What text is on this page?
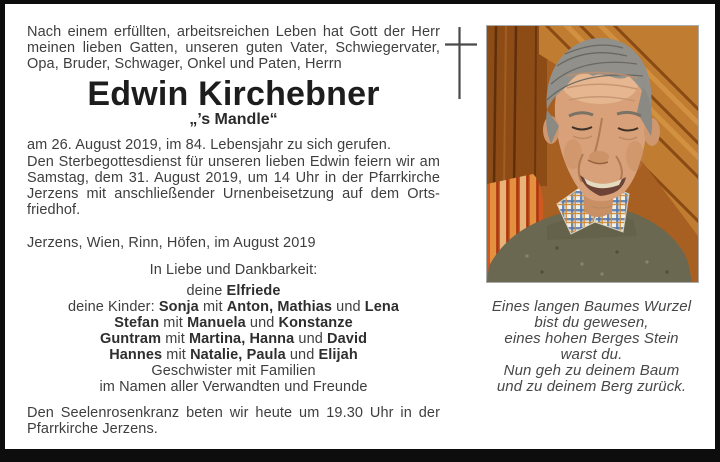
Nach einem erfüllten, arbeitsreichen Leben hat Gott der Herr
meinen lieben Gatten, unseren guten Vater, Schwiegervater,
Opa, Bruder, Schwager, Onkel und Paten, Herrn
Edwin Kirchebner
„’s Mandle“
am 26. August 2019, im 84. Lebensjahr zu sich gerufen.
Den Sterbegottesdienst für unseren lieben Edwin feiern wir am
Samstag, dem 31. August 2019, um 14 Uhr in der Pfarrkirche
Jerzens mit anschließender Urnenbeisetzung auf dem Orts-
friedhof.
Jerzens, Wien, Rinn, Höfen, im August 2019
In Liebe und Dankbarkeit:
deine Elfriede
deine Kinder: Sonja mit Anton, Mathias und Lena
Stefan mit Manuela und Konstanze
Guntram mit Martina, Hanna und David
Hannes mit Natalie, Paula und Elijah
Geschwister mit Familien
im Namen aller Verwandten und Freunde
Den Seelenrosenkranz beten wir heute um 19.30 Uhr in der
Pfarrkirche Jerzens.
Eines langen Baumes Wurzel
bist du gewesen,
eines hohen Berges Stein
warst du.
Nun geh zu deinem Baum
und zu deinem Berg zurück.
